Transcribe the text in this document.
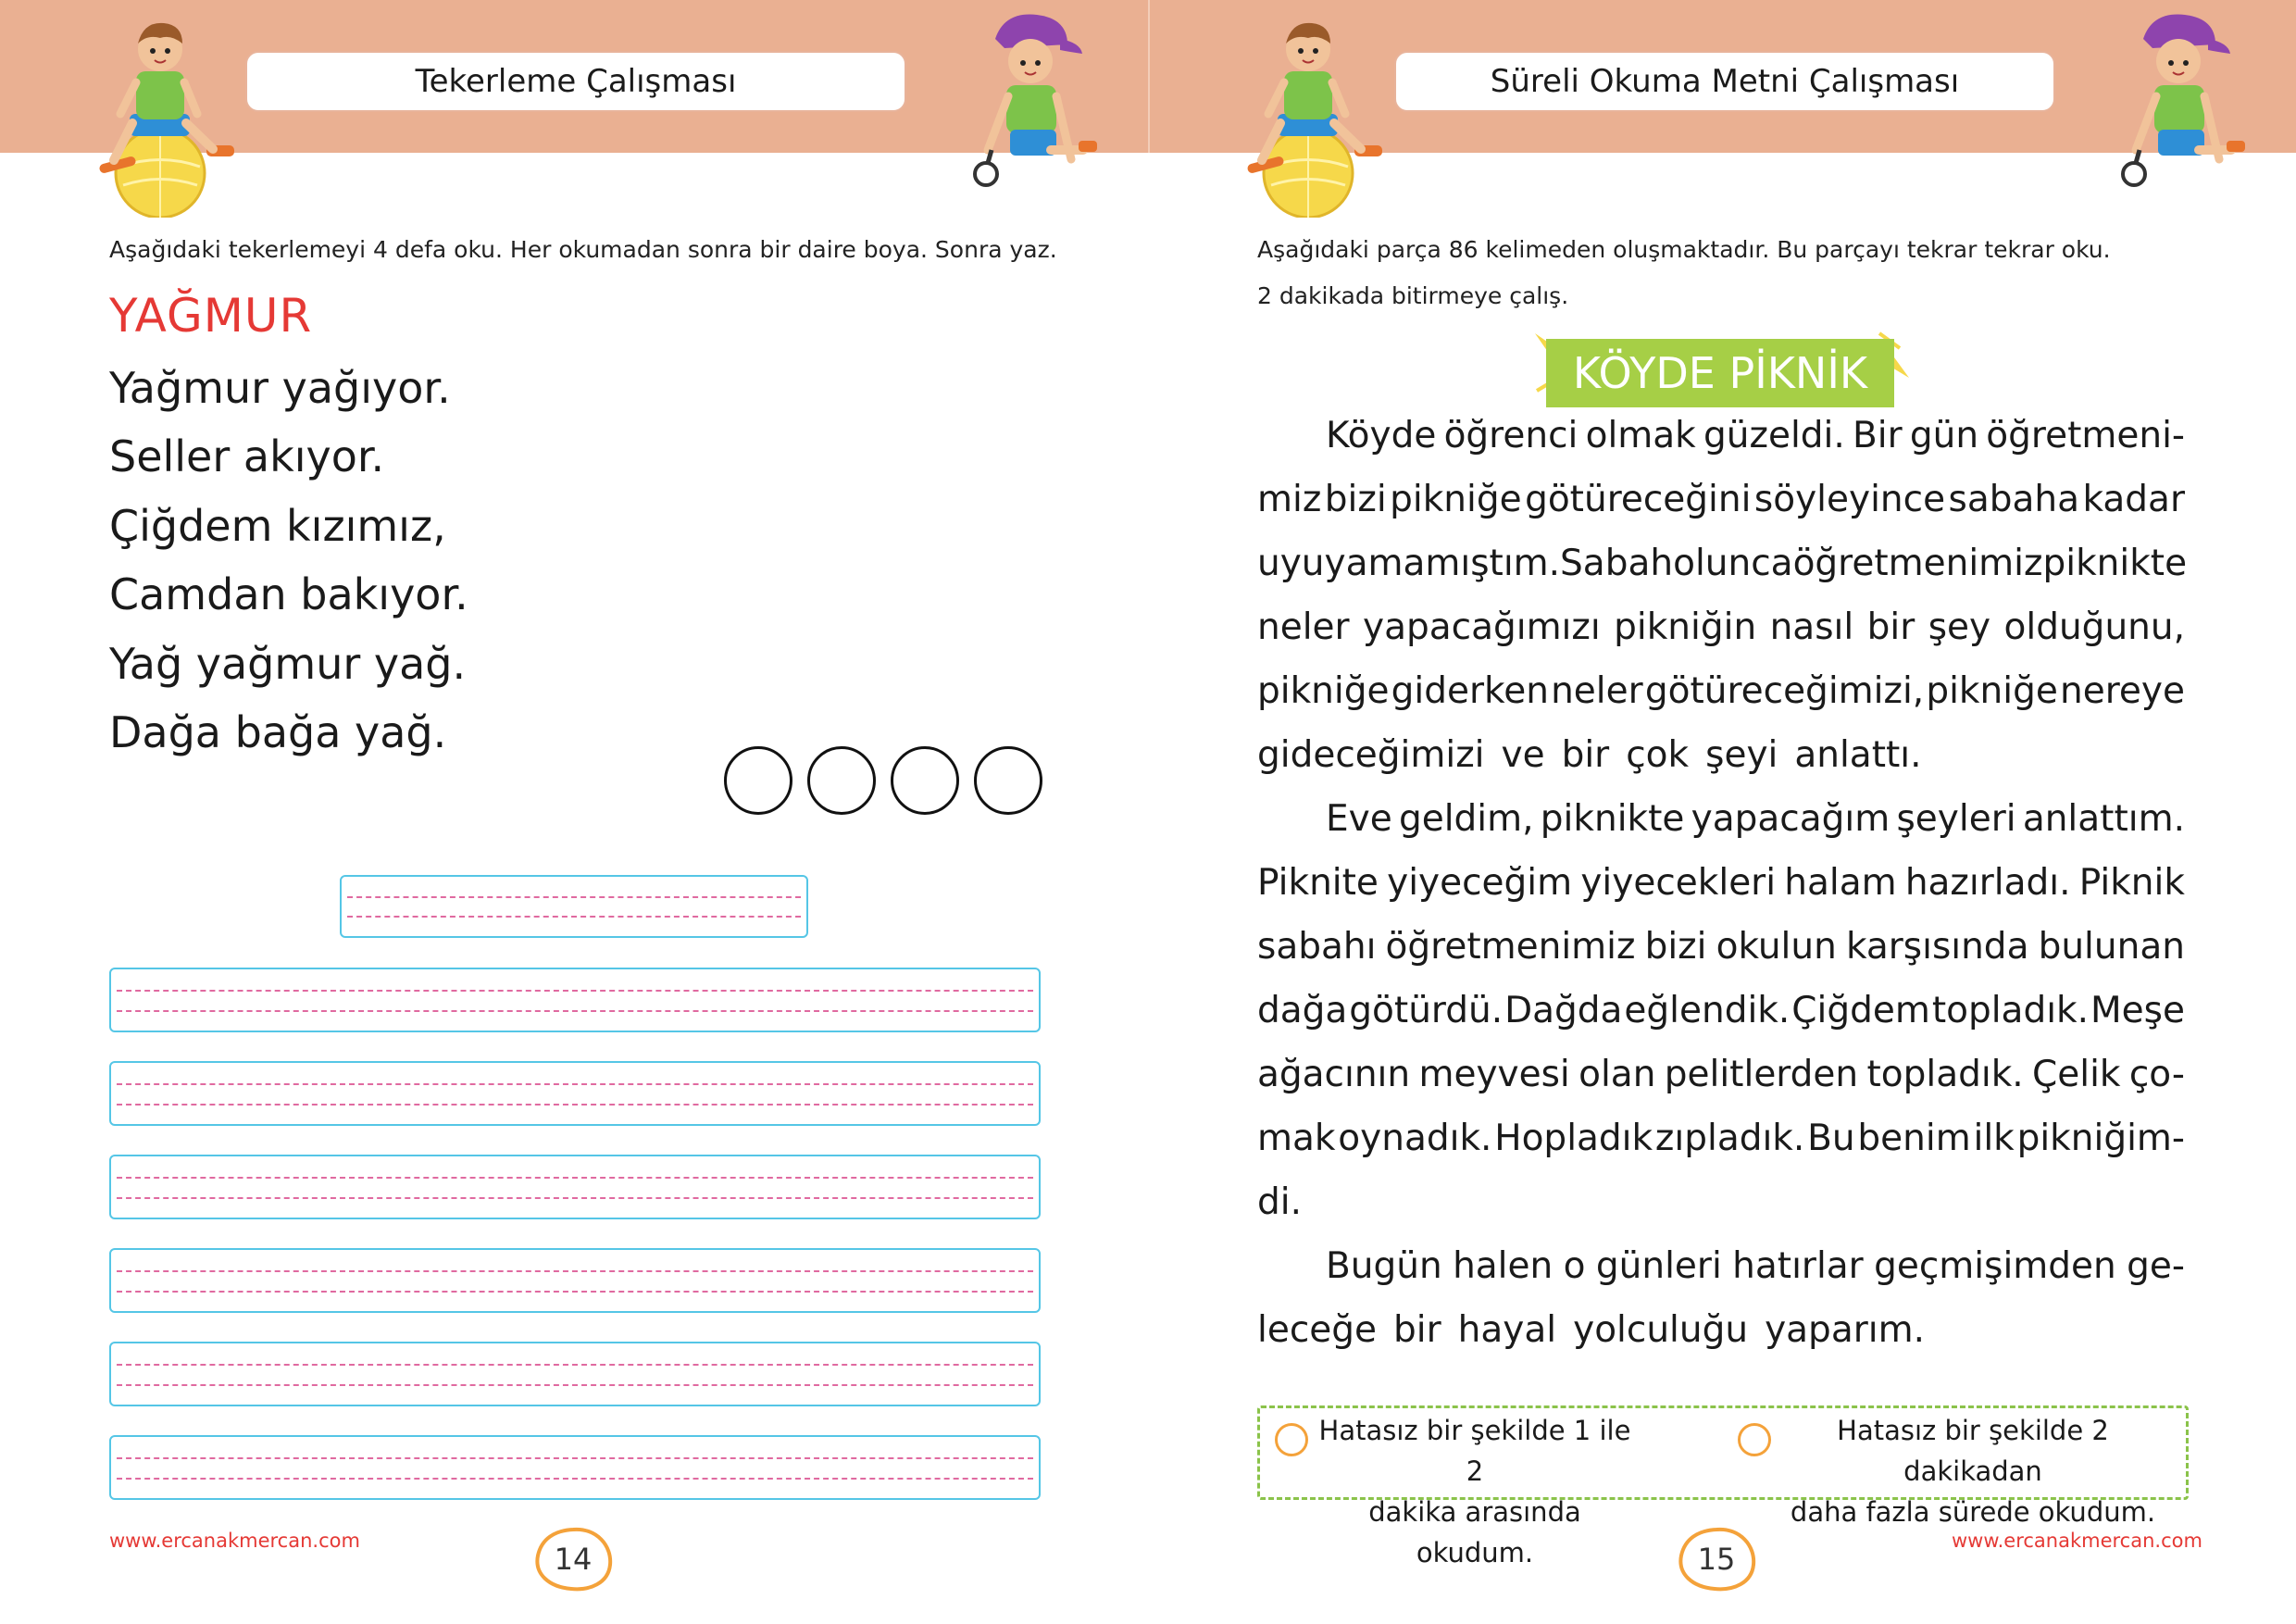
Tekerleme Çalışması
Aşağıdaki tekerlemeyi 4 defa oku. Her okumadan sonra bir daire boya. Sonra yaz.
YAĞMUR
Yağmur yağıyor.
Seller akıyor.
Çiğdem kızımız,
Camdan bakıyor.
Yağ yağmur yağ.
Dağa bağa yağ.
www.ercanakmercan.com
14
Süreli Okuma Metni Çalışması
Aşağıdaki parça 86 kelimeden oluşmaktadır. Bu parçayı tekrar tekrar oku.
2 dakikada bitirmeye çalış.
KÖYDE PİKNİK
Köyde öğrenci olmak güzeldi. Bir gün öğretmeni-
miz bizi pikniğe götüreceğini söyleyince sabaha kadar
uyuyamamıştım. Sabah olunca öğretmenimiz piknikte
neler yapacağımızı pikniğin nasıl bir şey olduğunu,
pikniğe giderken neler götüreceğimizi, pikniğe nereye
gideceğimizi ve bir çok şeyi anlattı.
Eve geldim, piknikte yapacağım şeyleri anlattım.
Piknite yiyeceğim yiyecekleri halam hazırladı. Piknik
sabahı öğretmenimiz bizi okulun karşısında bulunan
dağa götürdü. Dağda eğlendik. Çiğdem topladık. Meşe
ağacının meyvesi olan pelitlerden topladık. Çelik ço-
mak oynadık. Hopladık zıpladık. Bu benim ilk pikniğim-
di.
Bugün halen o günleri hatırlar geçmişimden ge-
leceğe bir hayal yolculuğu yaparım.
Hatasız bir şekilde 1 ile 2
dakika arasında okudum.
Hatasız bir şekilde 2 dakikadan
daha fazla sürede okudum.
www.ercanakmercan.com
15
